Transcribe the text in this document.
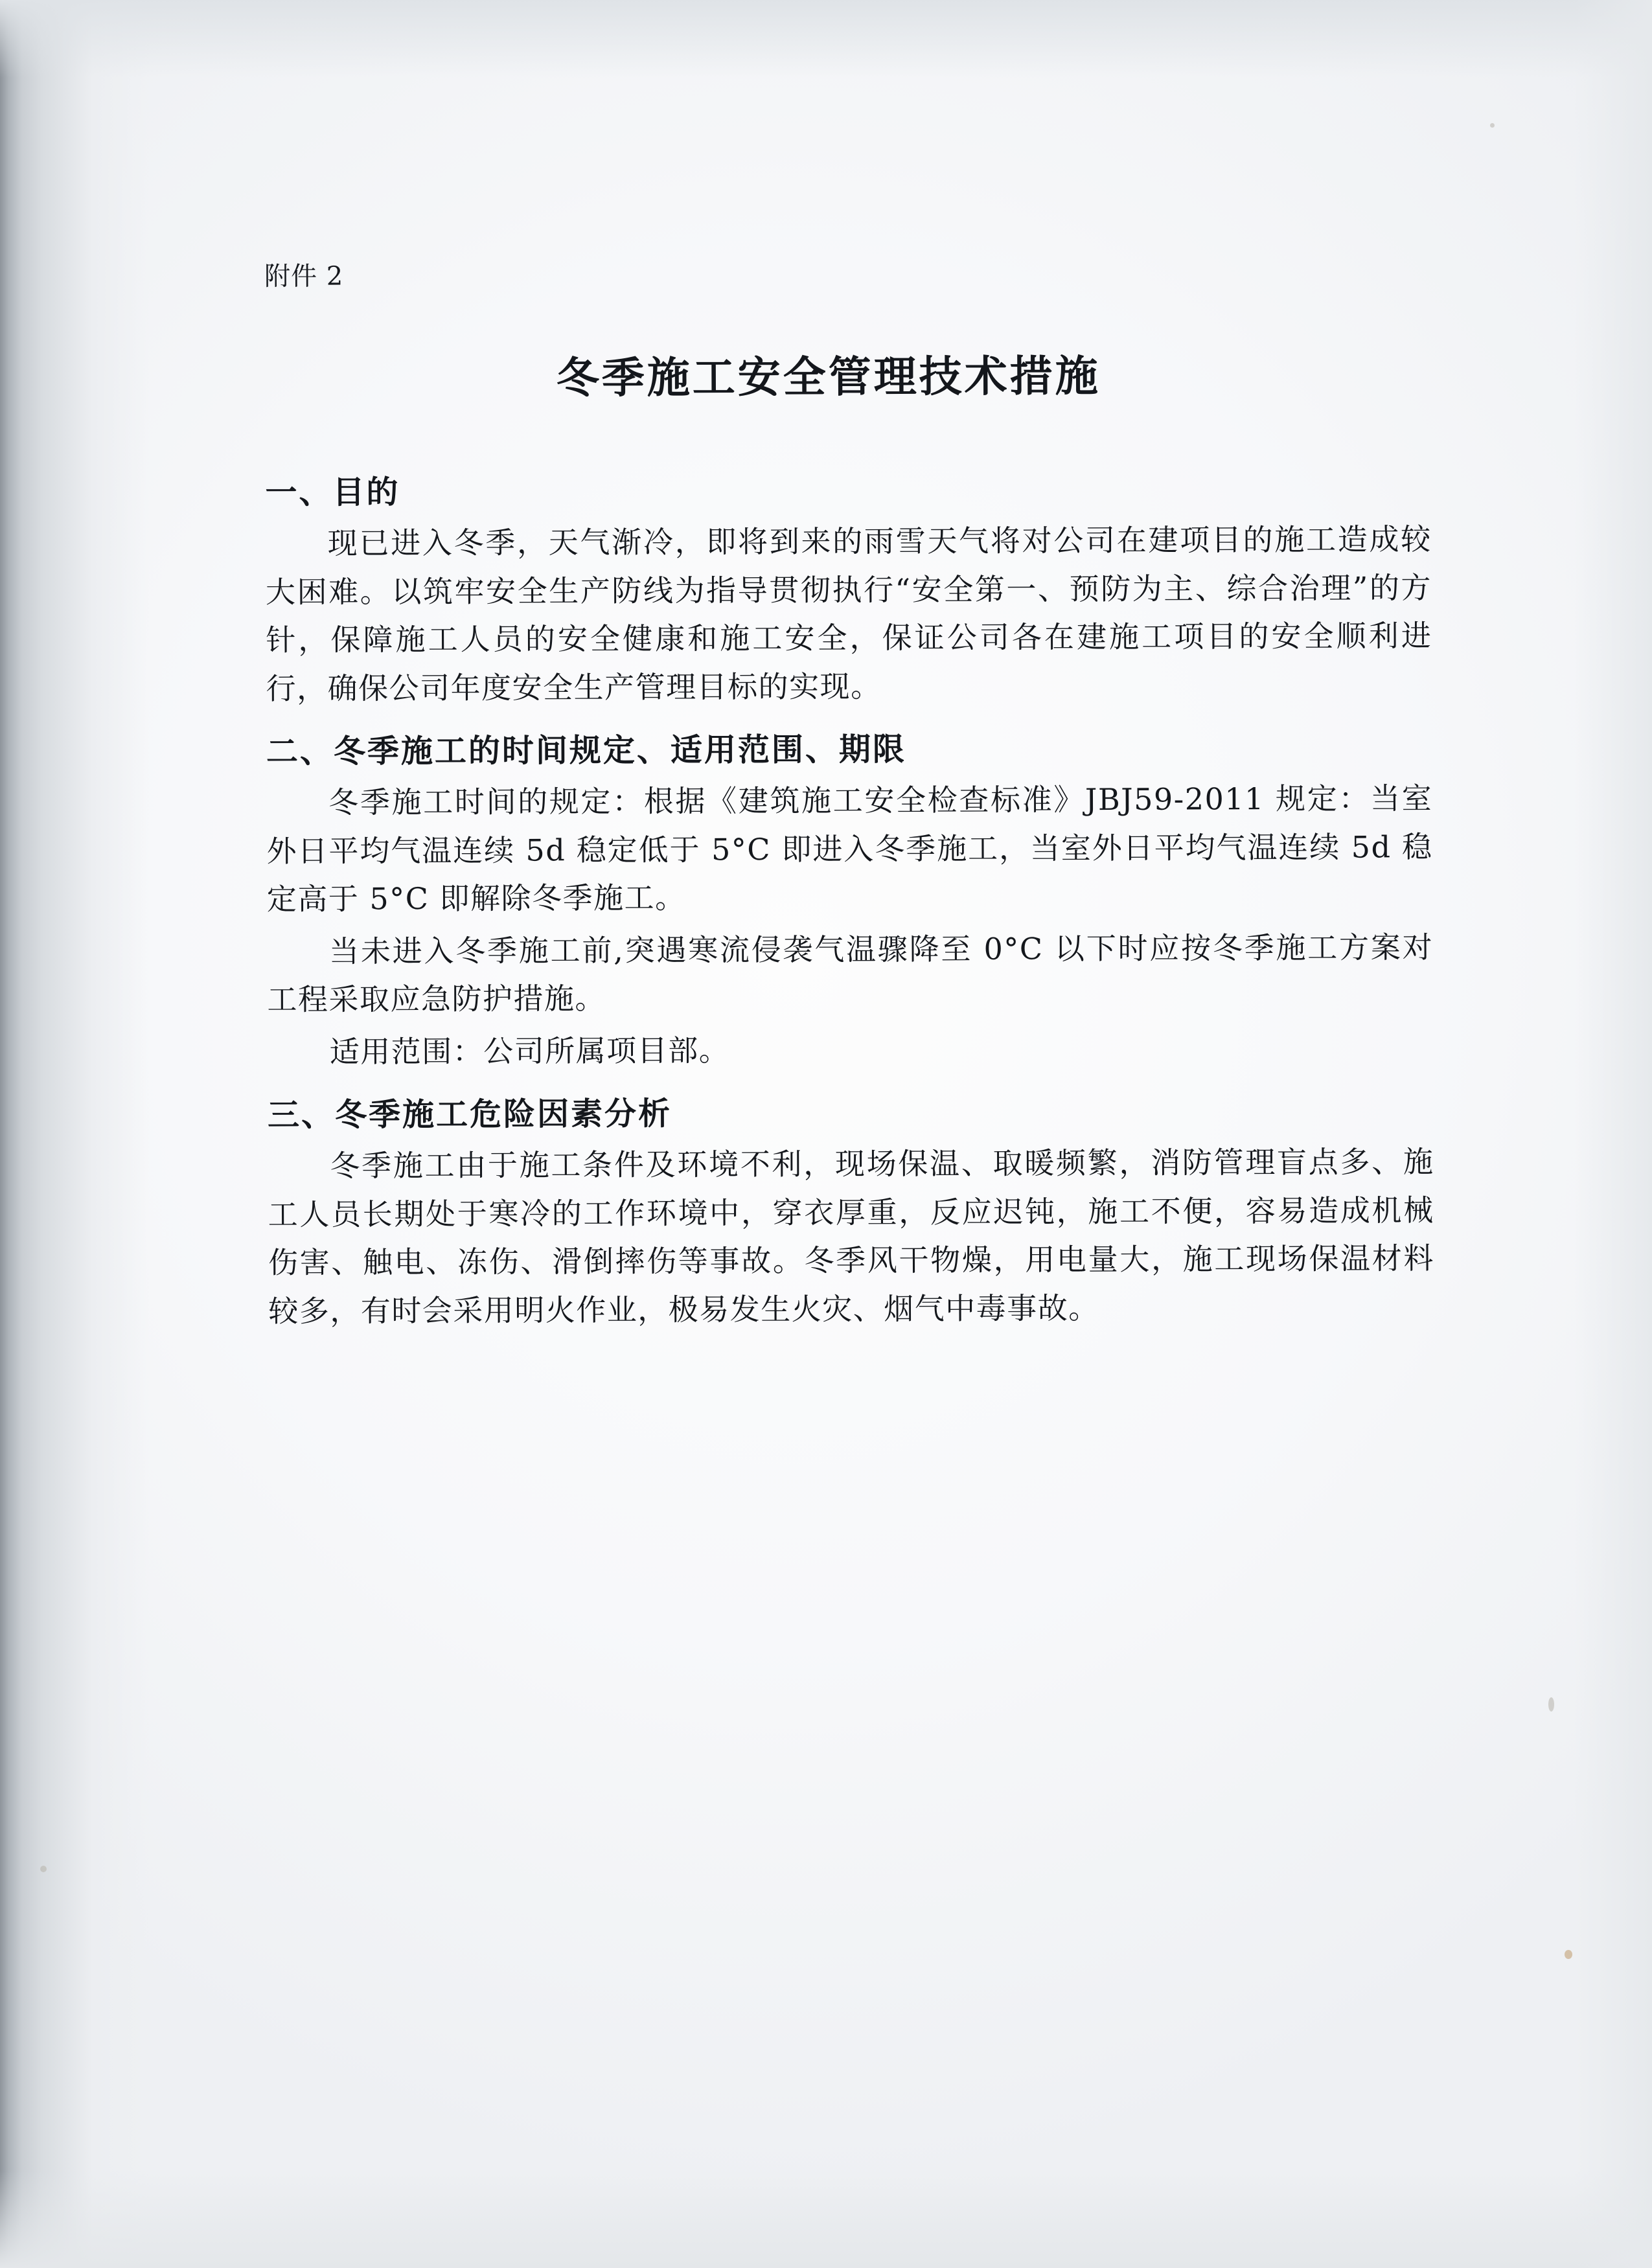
附件 2

冬季施工安全管理技术措施
一、目的

现已进入冬季，天气渐冷，即将到来的雨雪天气将对公司在建项目的施工造成较大困难。以筑牢安全生产防线为指导贯彻执行“安全第一、预防为主、综合治理”的方针，保障施工人员的安全健康和施工安全，保证公司各在建施工项目的安全顺利进行，确保公司年度安全生产管理目标的实现。

二、冬季施工的时间规定、适用范围、期限

冬季施工时间的规定：根据《建筑施工安全检查标准》JBJ59-2011 规定：当室外日平均气温连续 5d 稳定低于 5°C 即进入冬季施工，当室外日平均气温连续 5d 稳定高于 5°C 即解除冬季施工。

当未进入冬季施工前,突遇寒流侵袭气温骤降至 0°C 以下时应按冬季施工方案对工程采取应急防护措施。

适用范围：公司所属项目部。

三、冬季施工危险因素分析

冬季施工由于施工条件及环境不利，现场保温、取暖频繁，消防管理盲点多、施工人员长期处于寒冷的工作环境中，穿衣厚重，反应迟钝，施工不便，容易造成机械伤害、触电、冻伤、滑倒摔伤等事故。冬季风干物燥，用电量大，施工现场保温材料较多，有时会采用明火作业，极易发生火灾、烟气中毒事故。
